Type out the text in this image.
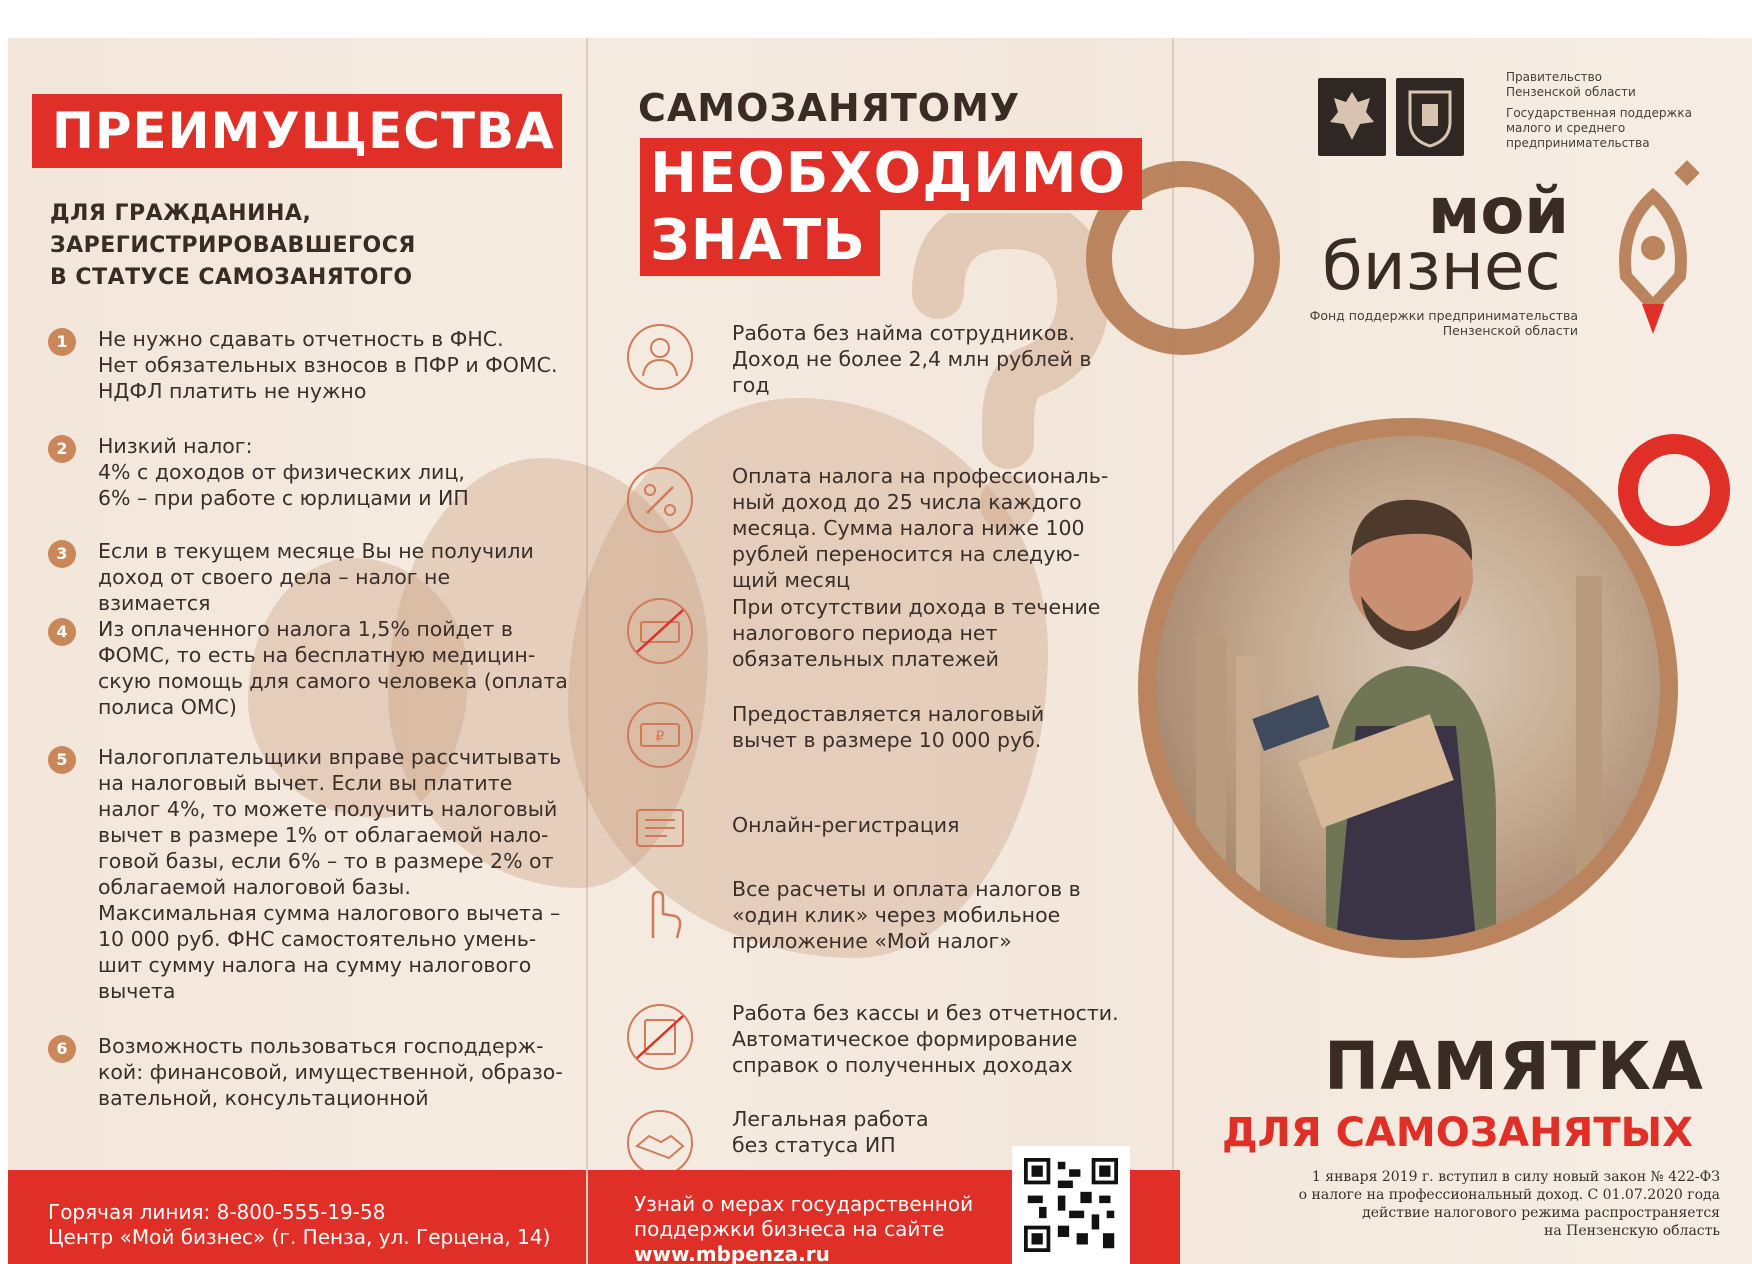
ПРЕИМУЩЕСТВА
ДЛЯ ГРАЖДАНИНА,
ЗАРЕГИСТРИРОВАВШЕГОСЯ
В СТАТУСЕ САМОЗАНЯТОГО
1	Не нужно сдавать отчетность в ФНС.
Нет обязательных взносов в ПФР и ФОМС.
НДФЛ платить не нужно
2	Низкий налог:
4% с доходов от физических лиц,
6% – при работе с юрлицами и ИП
3	Если в текущем месяце Вы не получили
доход от своего дела – налог не взимается
4	Из оплаченного налога 1,5% пойдет в
ФОМС, то есть на бесплатную медицин-
скую помощь для самого человека (оплата
полиса ОМС)
5	Налогоплательщики вправе рассчитывать
на налоговый вычет. Если вы платите
налог 4%, то можете получить налоговый
вычет в размере 1% от облагаемой нало-
говой базы, если 6% – то в размере 2% от
облагаемой налоговой базы.
Максимальная сумма налогового вычета –
10 000 руб. ФНС самостоятельно умень-
шит сумму налога на сумму налогового
вычета
6	Возможность пользоваться господдерж-
кой: финансовой, имущественной, образо-
вательной, консультационной
Горячая линия: 8-800-555-19-58
Центр «Мой бизнес» (г. Пенза, ул. Герцена, 14)
САМОЗАНЯТОМУ
НЕОБХОДИМО
ЗНАТЬ
Работа без найма сотрудников.
Доход не более 2,4 млн рублей в
год
Оплата налога на профессиональ-
ный доход до 25 числа каждого
месяца. Сумма налога ниже 100
рублей переносится на следую-
щий месяц
При отсутствии дохода в течение
налогового периода нет
обязательных платежей
₽
Предоставляется налоговый
вычет в размере 10 000 руб.
Онлайн-регистрация
Все расчеты и оплата налогов в
«один клик» через мобильное
приложение «Мой налог»
Работа без кассы и без отчетности.
Автоматическое формирование
справок о полученных доходах
Легальная работа
без статуса ИП
Узнай о мерах государственной
поддержки бизнеса на сайте
www.mbpenza.ru
Правительство
Пензенской области
Государственная поддержка
малого и среднего
предпринимательства
мой
бизнес
Фонд поддержки предпринимательства
Пензенской области
ПАМЯТКА
ДЛЯ САМОЗАНЯТЫХ
1 января 2019 г. вступил в силу новый закон № 422-ФЗ
о налоге на профессиональный доход. С 01.07.2020 года
действие налогового режима распространяется
на Пензенскую область
